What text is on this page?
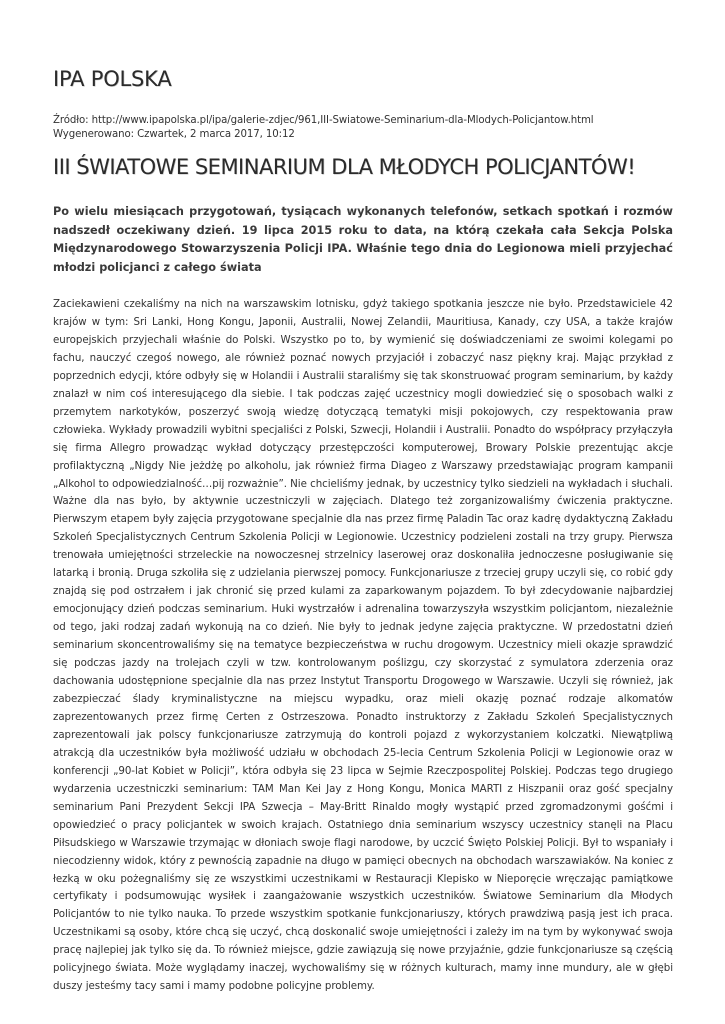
IPA POLSKA
Źródło: http://www.ipapolska.pl/ipa/galerie-zdjec/961,III-Swiatowe-Seminarium-dla-Mlodych-Policjantow.html
Wygenerowano: Czwartek, 2 marca 2017, 10:12
III ŚWIATOWE SEMINARIUM DLA MŁODYCH POLICJANTÓW!

Po wielu miesiącach przygotowań, tysiącach wykonanych telefonów, setkach spotkań i rozmów nadszedł oczekiwany dzień. 19 lipca 2015 roku to data, na którą czekała cała Sekcja Polska Międzynarodowego Stowarzyszenia Policji IPA. Właśnie tego dnia do Legionowa mieli przyjechać młodzi policjanci z całego świata

Zaciekawieni czekaliśmy na nich na warszawskim lotnisku, gdyż takiego spotkania jeszcze nie było. Przedstawiciele 42 krajów w tym: Sri Lanki, Hong Kongu, Japonii, Australii, Nowej Zelandii, Mauritiusa, Kanady, czy USA, a także krajów europejskich przyjechali właśnie do Polski. Wszystko po to, by wymienić się doświadczeniami ze swoimi kolegami po fachu, nauczyć czegoś nowego, ale również poznać nowych przyjaciół i zobaczyć nasz piękny kraj. Mając przykład z poprzednich edycji, które odbyły się w Holandii i Australii staraliśmy się tak skonstruować program seminarium, by każdy znalazł w nim coś interesującego dla siebie. I tak podczas zajęć uczestnicy mogli dowiedzieć się o sposobach walki z przemytem narkotyków, poszerzyć swoją wiedzę dotyczącą tematyki misji pokojowych, czy respektowania praw człowieka. Wykłady prowadzili wybitni specjaliści z Polski, Szwecji, Holandii i Australii. Ponadto do współpracy przyłączyła się firma Allegro prowadząc wykład dotyczący przestępczości komputerowej, Browary Polskie prezentując akcje profilaktyczną „Nigdy Nie jeżdżę po alkoholu, jak również firma Diageo z Warszawy przedstawiając program kampanii „Alkohol to odpowiedzialność…pij rozważnie”. Nie chcieliśmy jednak, by uczestnicy tylko siedzieli na wykładach i słuchali. Ważne dla nas było, by aktywnie uczestniczyli w zajęciach. Dlatego też zorganizowaliśmy ćwiczenia praktyczne. Pierwszym etapem były zajęcia przygotowane specjalnie dla nas przez firmę Paladin Tac oraz kadrę dydaktyczną Zakładu Szkoleń Specjalistycznych Centrum Szkolenia Policji w Legionowie. Uczestnicy podzieleni zostali na trzy grupy. Pierwsza trenowała umiejętności strzeleckie na nowoczesnej strzelnicy laserowej oraz doskonaliła jednoczesne posługiwanie się latarką i bronią. Druga szkoliła się z udzielania pierwszej pomocy. Funkcjonariusze z trzeciej grupy uczyli się, co robić gdy znajdą się pod ostrzałem i jak chronić się przed kulami za zaparkowanym pojazdem. To był zdecydowanie najbardziej emocjonujący dzień podczas seminarium. Huki wystrzałów i adrenalina towarzyszyła wszystkim policjantom, niezależnie od tego, jaki rodzaj zadań wykonują na co dzień. Nie były to jednak jedyne zajęcia praktyczne. W przedostatni dzień seminarium skoncentrowaliśmy się na tematyce bezpieczeństwa w ruchu drogowym. Uczestnicy mieli okazje sprawdzić się podczas jazdy na trolejach czyli w tzw. kontrolowanym poślizgu, czy skorzystać z symulatora zderzenia oraz dachowania udostępnione specjalnie dla nas przez Instytut Transportu Drogowego w Warszawie. Uczyli się również, jak zabezpieczać ślady kryminalistyczne na miejscu wypadku, oraz mieli okazję poznać rodzaje alkomatów zaprezentowanych przez firmę Certen z Ostrzeszowa. Ponadto instruktorzy z Zakładu Szkoleń Specjalistycznych zaprezentowali jak polscy funkcjonariusze zatrzymują do kontroli pojazd z wykorzystaniem kolczatki. Niewątpliwą atrakcją dla uczestników była możliwość udziału w obchodach 25-lecia Centrum Szkolenia Policji w Legionowie oraz w konferencji „90-lat Kobiet w Policji”, która odbyła się 23 lipca w Sejmie Rzeczpospolitej Polskiej. Podczas tego drugiego wydarzenia uczestniczki seminarium: TAM Man Kei Jay z Hong Kongu, Monica MARTI z Hiszpanii oraz gość specjalny seminarium Pani Prezydent Sekcji IPA Szwecja – May-Britt Rinaldo mogły wystąpić przed zgromadzonymi gośćmi i opowiedzieć o pracy policjantek w swoich krajach. Ostatniego dnia seminarium wszyscy uczestnicy stanęli na Placu Piłsudskiego w Warszawie trzymając w dłoniach swoje flagi narodowe, by uczcić Święto Polskiej Policji. Był to wspaniały i niecodzienny widok, który z pewnością zapadnie na długo w pamięci obecnych na obchodach warszawiaków. Na koniec z łezką w oku pożegnaliśmy się ze wszystkimi uczestnikami w Restauracji Klepisko w Nieporęcie wręczając pamiątkowe certyfikaty i podsumowując wysiłek i zaangażowanie wszystkich uczestników. Światowe Seminarium dla Młodych Policjantów to nie tylko nauka. To przede wszystkim spotkanie funkcjonariuszy, których prawdziwą pasją jest ich praca. Uczestnikami są osoby, które chcą się uczyć, chcą doskonalić swoje umiejętności i zależy im na tym by wykonywać swoja pracę najlepiej jak tylko się da. To również miejsce, gdzie zawiązują się nowe przyjaźnie, gdzie funkcjonariusze są częścią policyjnego świata. Może wyglądamy inaczej, wychowaliśmy się w różnych kulturach, mamy inne mundury, ale w głębi duszy jesteśmy tacy sami i mamy podobne policyjne problemy.
